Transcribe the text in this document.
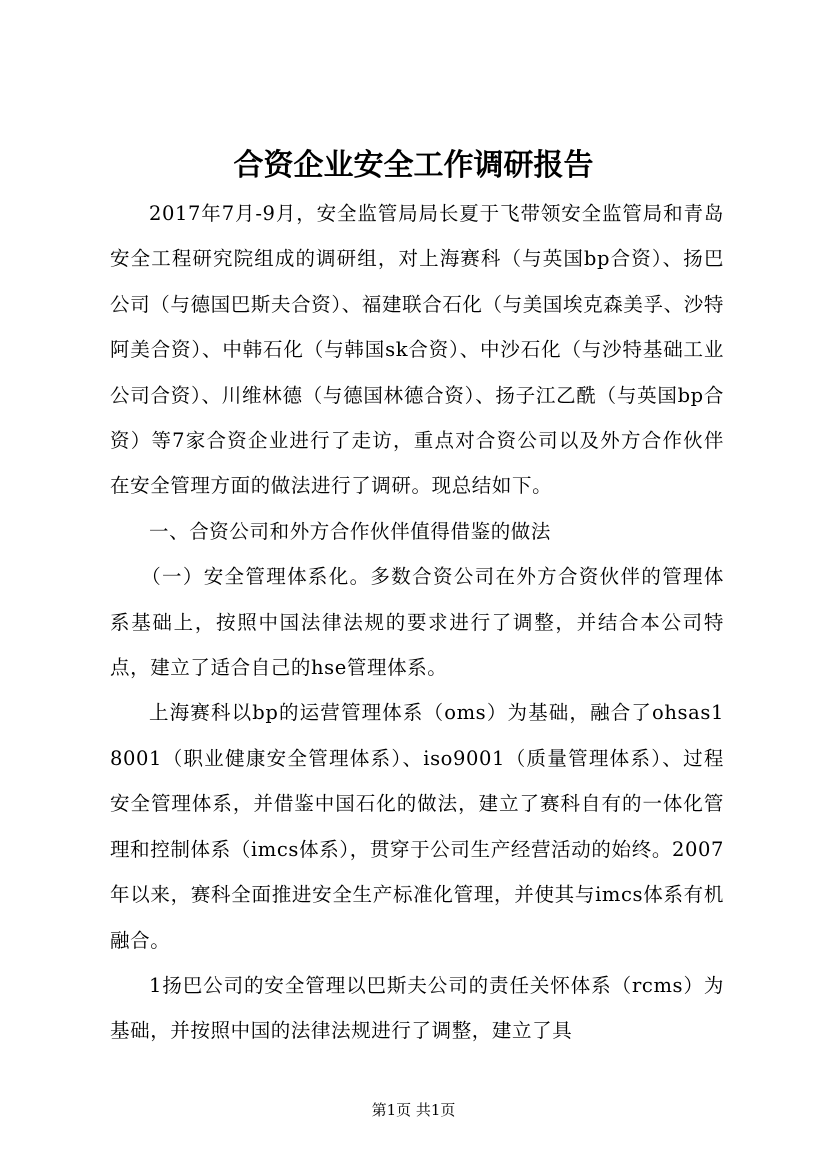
合资企业安全工作调研报告

2017年7月-9月，安全监管局局长夏于飞带领安全监管局和青岛安全工程研究院组成的调研组，对上海赛科（与英国bp合资）、扬巴公司（与德国巴斯夫合资）、福建联合石化（与美国埃克森美孚、沙特阿美合资）、中韩石化（与韩国sk合资）、中沙石化（与沙特基础工业公司合资）、川维林德（与德国林德合资）、扬子江乙酰（与英国bp合资）等7家合资企业进行了走访，重点对合资公司以及外方合作伙伴在安全管理方面的做法进行了调研。现总结如下。

一、合资公司和外方合作伙伴值得借鉴的做法

（一）安全管理体系化。多数合资公司在外方合资伙伴的管理体系基础上，按照中国法律法规的要求进行了调整，并结合本公司特点，建立了适合自己的hse管理体系。

上海赛科以bp的运营管理体系（oms）为基础，融合了ohsas18001（职业健康安全管理体系）、iso9001（质量管理体系）、过程安全管理体系，并借鉴中国石化的做法，建立了赛科自有的一体化管理和控制体系（imcs体系），贯穿于公司生产经营活动的始终。2007年以来，赛科全面推进安全生产标准化管理，并使其与imcs体系有机融合。

1扬巴公司的安全管理以巴斯夫公司的责任关怀体系（rcms）为基础，并按照中国的法律法规进行了调整，建立了具

第1页 共1页
